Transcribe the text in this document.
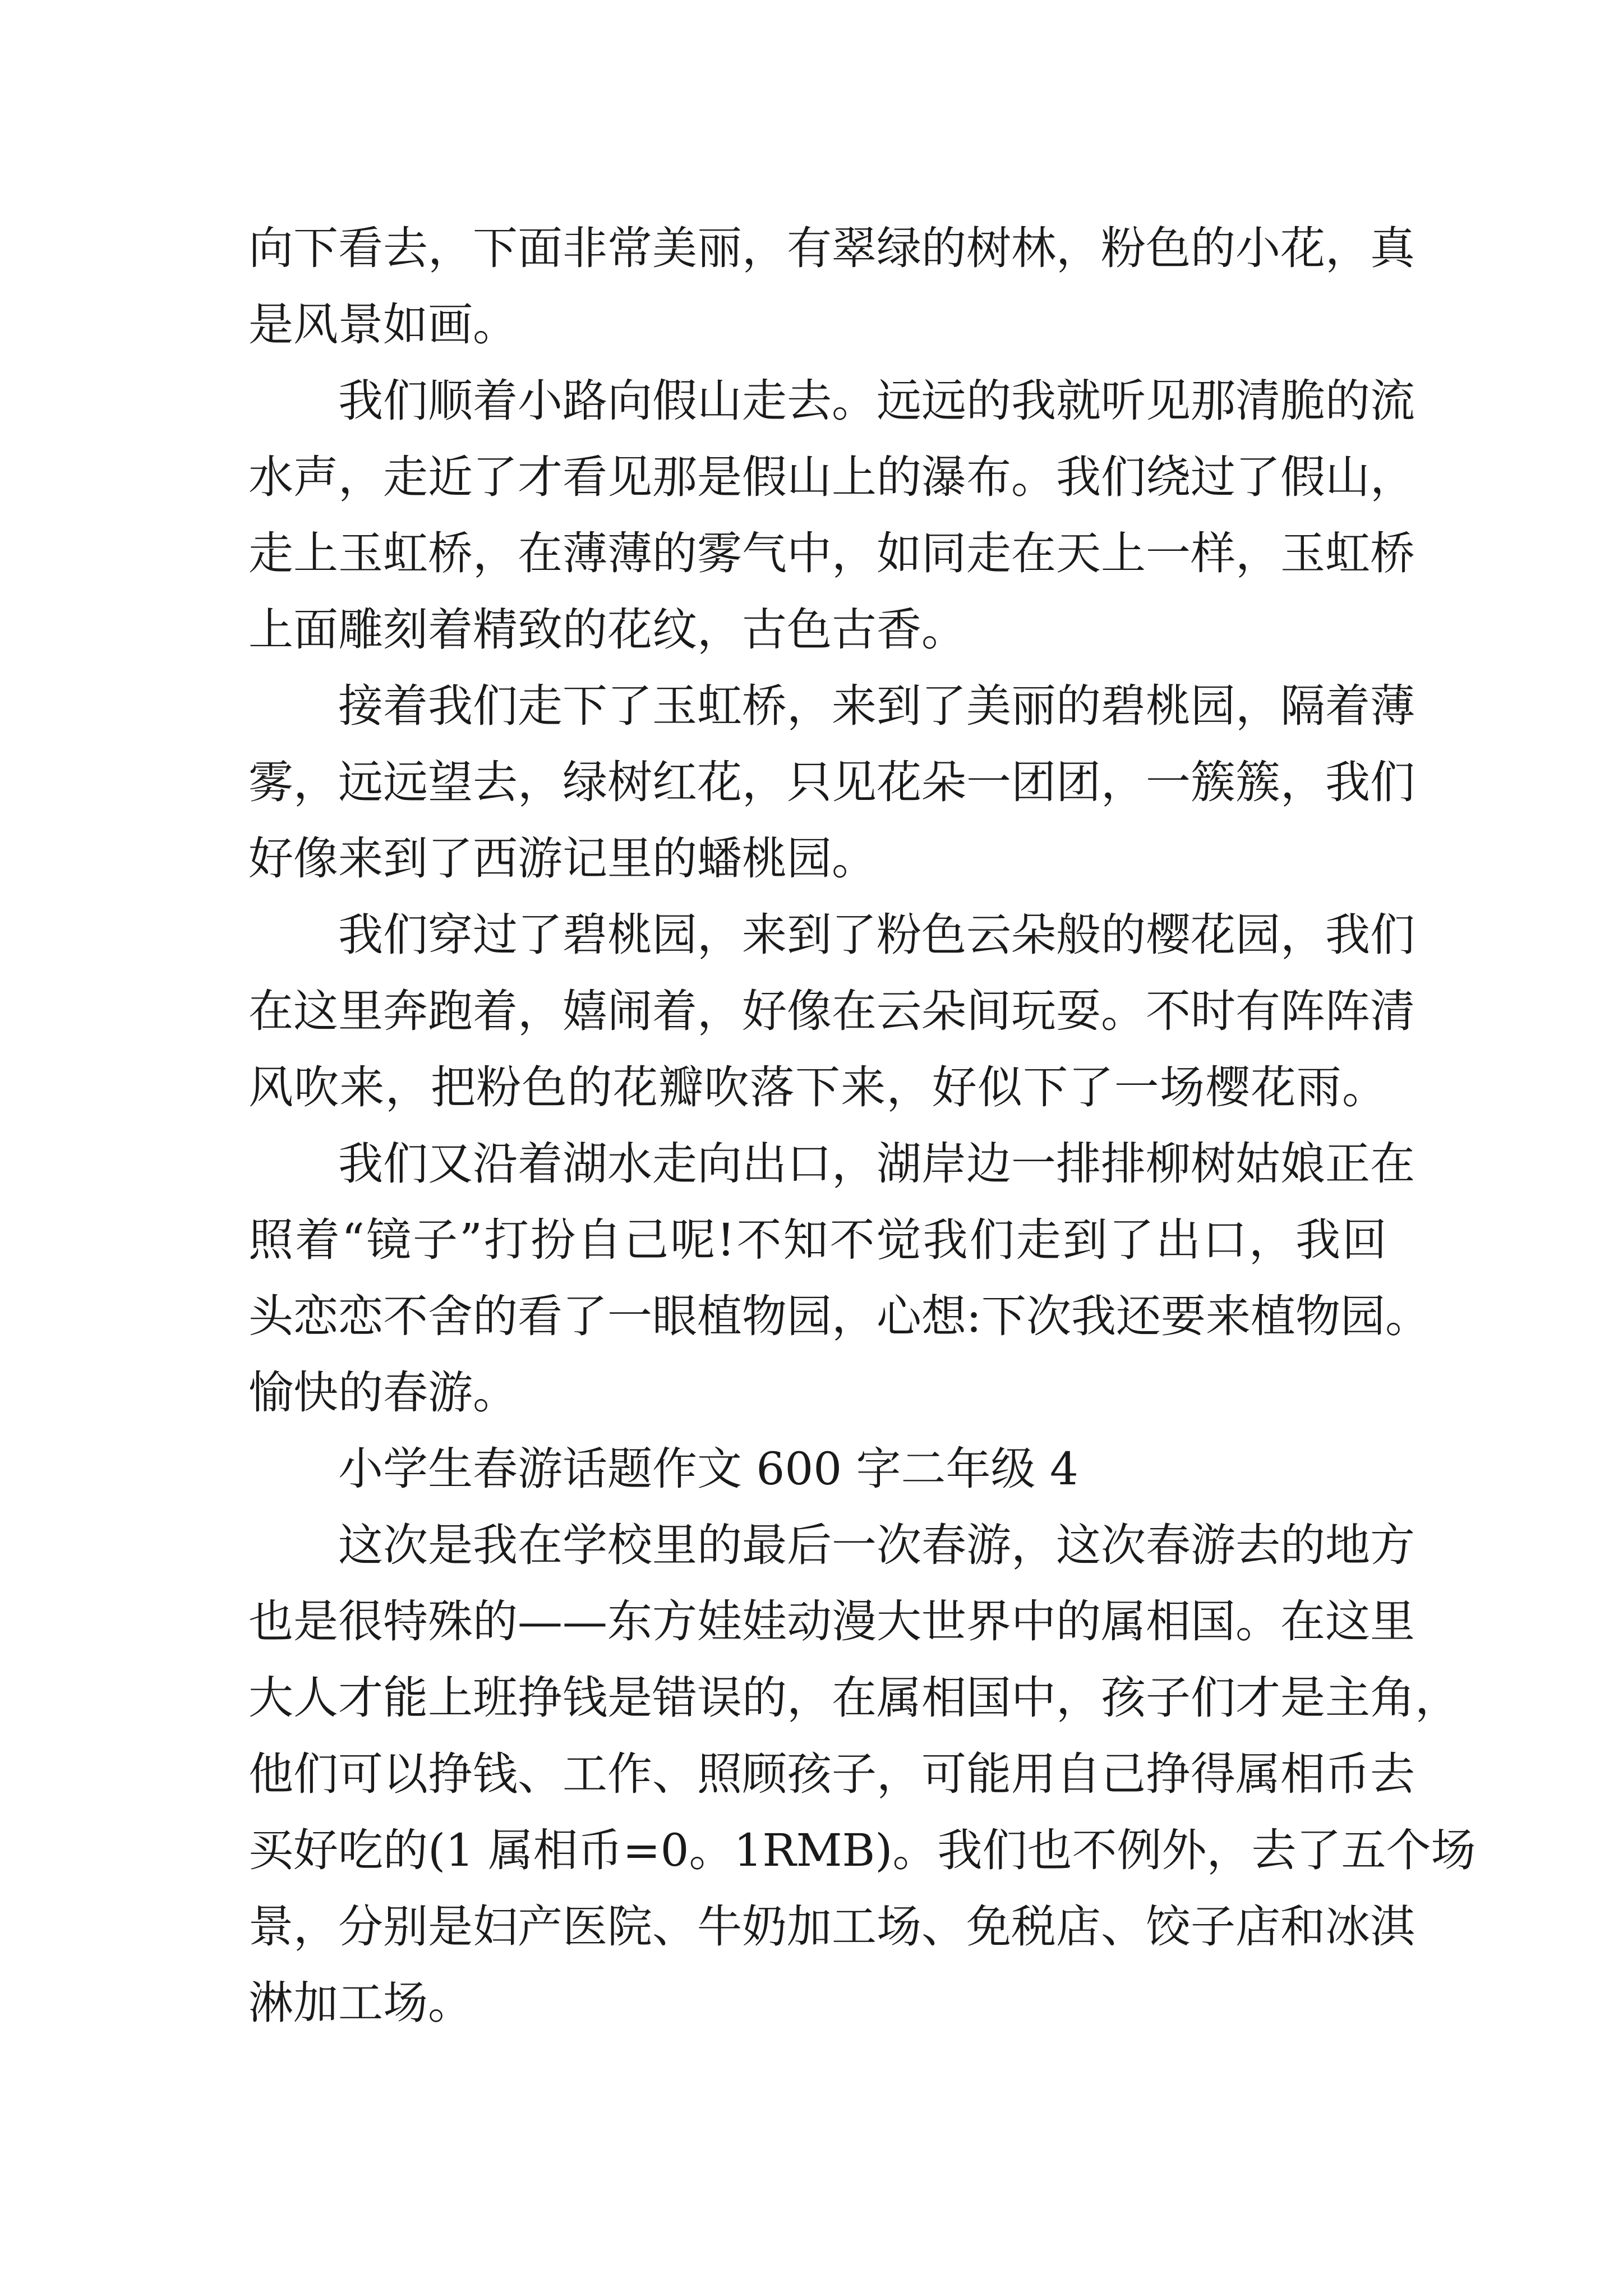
向下看去，下面非常美丽，有翠绿的树林，粉色的小花，真
是风景如画。
我们顺着小路向假山走去。远远的我就听见那清脆的流
水声，走近了才看见那是假山上的瀑布。我们绕过了假山，
走上玉虹桥，在薄薄的雾气中，如同走在天上一样，玉虹桥
上面雕刻着精致的花纹，古色古香。
接着我们走下了玉虹桥，来到了美丽的碧桃园，隔着薄
雾，远远望去，绿树红花，只见花朵一团团，一簇簇，我们
好像来到了西游记里的蟠桃园。
我们穿过了碧桃园，来到了粉色云朵般的樱花园，我们
在这里奔跑着，嬉闹着，好像在云朵间玩耍。不时有阵阵清
风吹来，把粉色的花瓣吹落下来，好似下了一场樱花雨。
我们又沿着湖水走向出口，湖岸边一排排柳树姑娘正在
照着“镜子”打扮自己呢!不知不觉我们走到了出口，我回
头恋恋不舍的看了一眼植物园，心想:下次我还要来植物园。
愉快的春游。
小学生春游话题作文 600 字二年级 4
这次是我在学校里的最后一次春游，这次春游去的地方
也是很特殊的——东方娃娃动漫大世界中的属相国。在这里
大人才能上班挣钱是错误的，在属相国中，孩子们才是主角，
他们可以挣钱、工作、照顾孩子，可能用自己挣得属相币去
买好吃的(1 属相币=0。1RMB)。我们也不例外，去了五个场
景，分别是妇产医院、牛奶加工场、免税店、饺子店和冰淇
淋加工场。
